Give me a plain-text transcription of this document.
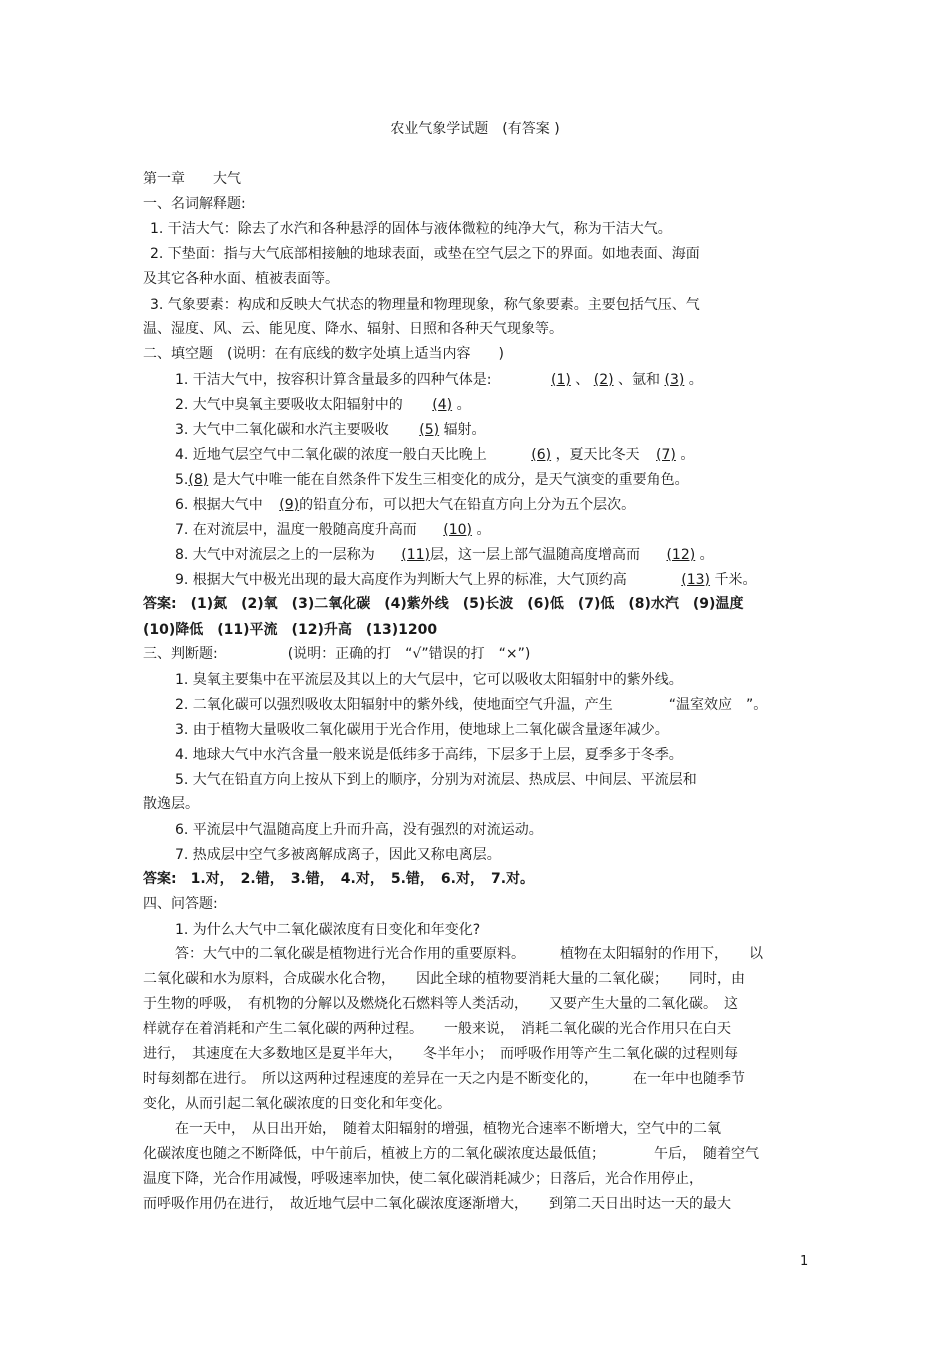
农业气象学试题　(有答案 )
第一章　　大气
一、名词解释题:
1. 干洁大气：除去了水汽和各种悬浮的固体与液体微粒的纯净大气，称为干洁大气。
2. 下垫面：指与大气底部相接触的地球表面，或垫在空气层之下的界面。如地表面、海面
及其它各种水面、植被表面等。
3. 气象要素：构成和反映大气状态的物理量和物理现象，称气象要素。主要包括气压、气
温、湿度、风、云、能见度、降水、辐射、日照和各种天气现象等。
二、填空题　(说明：在有底线的数字处填上适当内容　　)
1. 干洁大气中，按容积计算含量最多的四种气体是:	(1) 、 (2) 、氩和 (3) 。
2. 大气中臭氧主要吸收太阳辐射中的 (4) 。
3. 大气中二氧化碳和水汽主要吸收 (5) 辐射。
4. 近地气层空气中二氧化碳的浓度一般白天比晚上	(6) ，夏天比冬天 (7) 。
5.(8) 是大气中唯一能在自然条件下发生三相变化的成分，是天气演变的重要角色。
6. 根据大气中 (9)的铅直分布，可以把大气在铅直方向上分为五个层次。
7. 在对流层中，温度一般随高度升高而 (10) 。
8. 大气中对流层之上的一层称为 (11)层，这一层上部气温随高度增高而 (12) 。
9. 根据大气中极光出现的最大高度作为判断大气上界的标准，大气顶约高	(13) 千米。
答案:　(1)氮　(2)氧　(3)二氧化碳　(4)紫外线　(5)长波　(6)低　(7)低　(8)水汽　(9)温度
(10)降低　(11)平流　(12)升高　(13)1200
三、判断题:　　　　　(说明：正确的打　“√”错误的打　“×”)
1. 臭氧主要集中在平流层及其以上的大气层中，它可以吸收太阳辐射中的紫外线。
2. 二氧化碳可以强烈吸收太阳辐射中的紫外线，使地面空气升温，产生　　　　“温室效应　”。
3. 由于植物大量吸收二氧化碳用于光合作用，使地球上二氧化碳含量逐年减少。
4. 地球大气中水汽含量一般来说是低纬多于高纬，下层多于上层，夏季多于冬季。
5. 大气在铅直方向上按从下到上的顺序，分别为对流层、热成层、中间层、平流层和
散逸层。
6. 平流层中气温随高度上升而升高，没有强烈的对流运动。
7. 热成层中空气多被离解成离子，因此又称电离层。
答案:　1.对，　2.错，　3.错，　4.对，　5.错，　6.对，　7.对。
四、问答题:
1. 为什么大气中二氧化碳浓度有日变化和年变化?
答：大气中的二氧化碳是植物进行光合作用的重要原料。　　　植物在太阳辐射的作用下，　　以
二氧化碳和水为原料，合成碳水化合物，　　因此全球的植物要消耗大量的二氧化碳；　　同时，由
于生物的呼吸，　有机物的分解以及燃烧化石燃料等人类活动，　　又要产生大量的二氧化碳。　这
样就存在着消耗和产生二氧化碳的两种过程。　　一般来说，　消耗二氧化碳的光合作用只在白天
进行，　其速度在大多数地区是夏半年大，　　冬半年小；　而呼吸作用等产生二氧化碳的过程则每
时每刻都在进行。　所以这两种过程速度的差异在一天之内是不断变化的，　　　在一年中也随季节
变化，从而引起二氧化碳浓度的日变化和年变化。
在一天中，　从日出开始，　随着太阳辐射的增强，植物光合速率不断增大，空气中的二氧
化碳浓度也随之不断降低，中午前后，植被上方的二氧化碳浓度达最低值；　　　　午后，　随着空气
温度下降，光合作用减慢，呼吸速率加快，使二氧化碳消耗减少；日落后，光合作用停止，
而呼吸作用仍在进行，　故近地气层中二氧化碳浓度逐渐增大，　　到第二天日出时达一天的最大
1
